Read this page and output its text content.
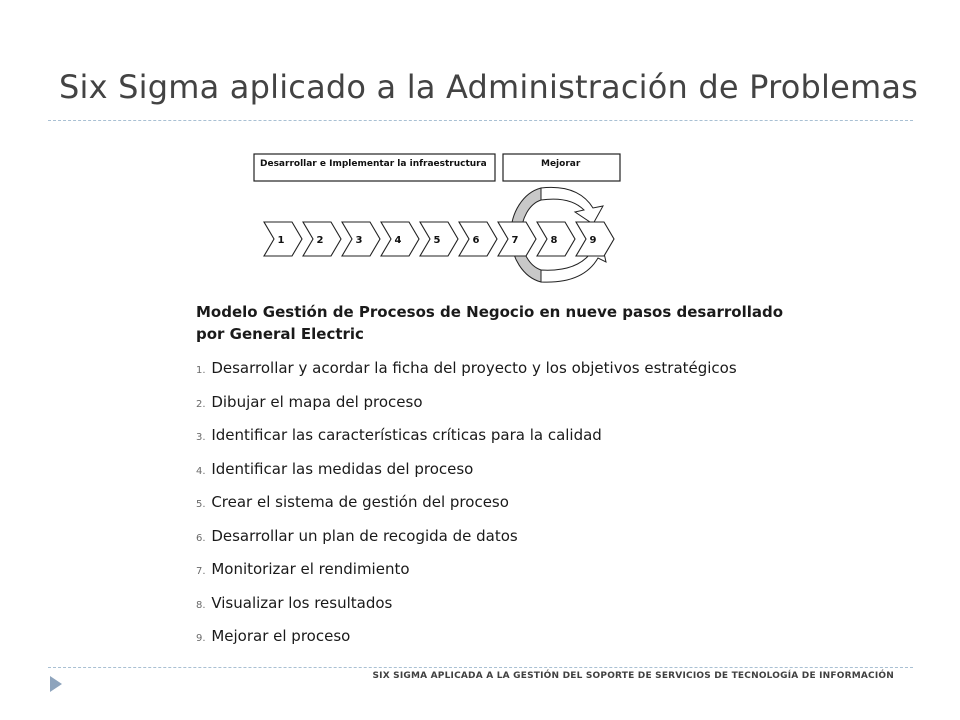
Six Sigma aplicado a la Administración de Problemas
Desarrollar e Implementar la infraestructura	Mejorar
1	2	3	4	5	6	7	8	9

Modelo Gestión de Procesos de Negocio en nueve pasos desarrollado por General Electric

1. Desarrollar y acordar la ficha del proyecto y los objetivos estratégicos
2. Dibujar el mapa del proceso
3. Identificar las características críticas para la calidad
4. Identificar las medidas del proceso
5. Crear el sistema de gestión del proceso
6. Desarrollar un plan de recogida de datos
7. Monitorizar el rendimiento
8. Visualizar los resultados
9. Mejorar el proceso
SIX SIGMA APLICADA A LA GESTIÓN DEL SOPORTE DE SERVICIOS DE TECNOLOGÍA DE INFORMACIÓN
